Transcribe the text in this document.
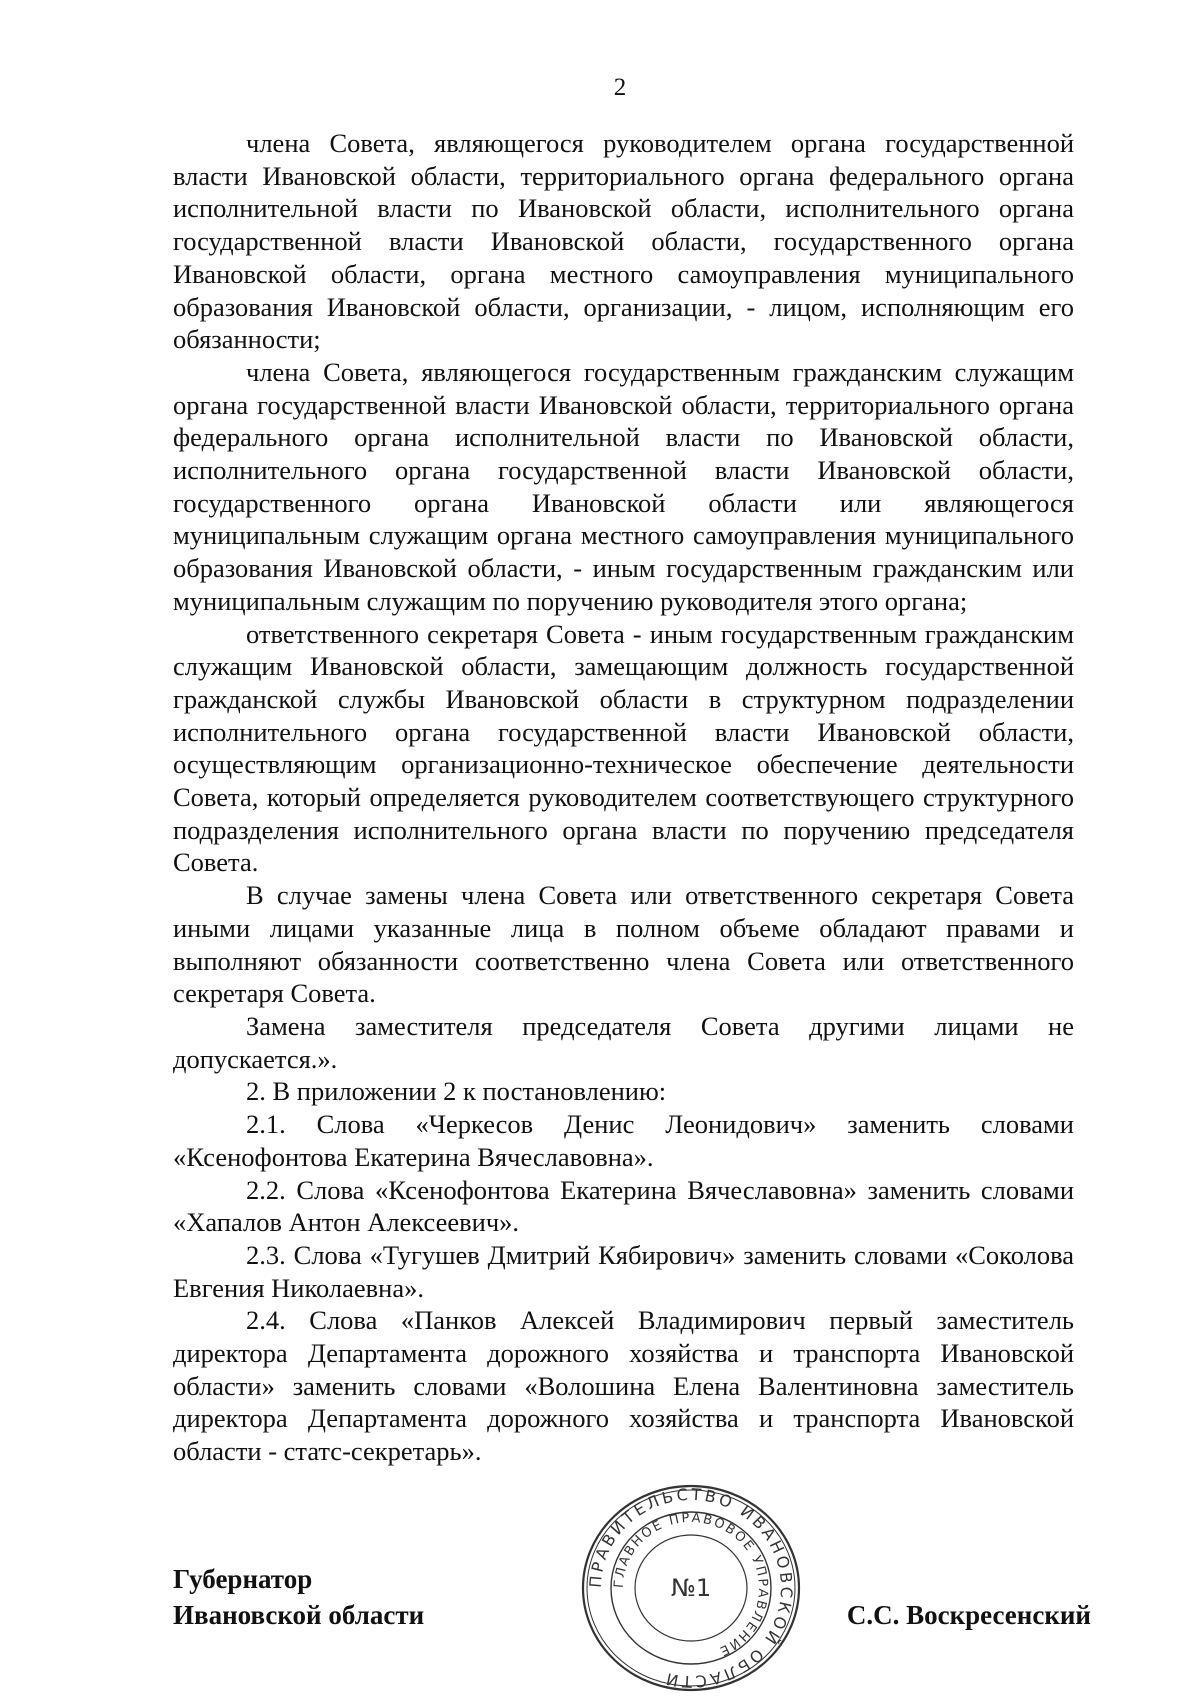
2

члена Совета, являющегося руководителем органа государственной власти Ивановской области, территориального органа федерального органа исполнительной власти по Ивановской области, исполнительного органа государственной власти Ивановской области, государственного органа Ивановской области, органа местного самоуправления муниципального образования Ивановской области, организации, - лицом, исполняющим его обязанности;

члена Совета, являющегося государственным гражданским служащим органа государственной власти Ивановской области, территориального органа федерального органа исполнительной власти по Ивановской области, исполнительного органа государственной власти Ивановской области, государственного органа Ивановской области или являющегося муниципальным служащим органа местного самоуправления муниципального образования Ивановской области, - иным государственным гражданским или муниципальным служащим по поручению руководителя этого органа;

ответственного секретаря Совета - иным государственным гражданским служащим Ивановской области, замещающим должность государственной гражданской службы Ивановской области в структурном подразделении исполнительного органа государственной власти Ивановской области, осуществляющим организационно-техническое обеспечение деятельности Совета, который определяется руководителем соответствующего структурного подразделения исполнительного органа власти по поручению председателя Совета.

В случае замены члена Совета или ответственного секретаря Совета иными лицами указанные лица в полном объеме обладают правами и выполняют обязанности соответственно члена Совета или ответственного секретаря Совета.

Замена заместителя председателя Совета другими лицами не допускается.».

2. В приложении 2 к постановлению:

2.1. Слова «Черкесов Денис Леонидович» заменить словами «Ксенофонтова Екатерина Вячеславовна».

2.2. Слова «Ксенофонтова Екатерина Вячеславовна» заменить словами «Хапалов Антон Алексеевич».

2.3. Слова «Тугушев Дмитрий Кябирович» заменить словами «Соколова Евгения Николаевна».

2.4. Слова «Панков Алексей Владимирович первый заместитель директора Департамента дорожного хозяйства и транспорта Ивановской области» заменить словами «Волошина Елена Валентиновна заместитель директора Департамента дорожного хозяйства и транспорта Ивановской области - статс-секретарь».

Губернатор
Ивановской области	С.С. Воскресенский
ПРАВИТЕЛЬСТВО ИВАНОВСКОЙ ОБЛАСТИ
ГЛАВНОЕ ПРАВОВОЕ УПРАВЛЕНИЕ
№1
